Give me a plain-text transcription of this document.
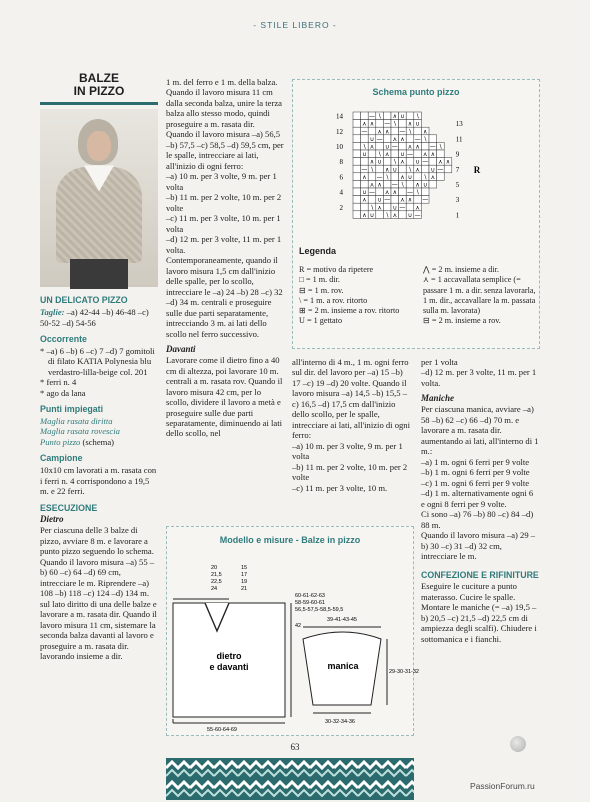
- STILE LIBERO -
BALZE
IN PIZZO
UN DELICATO PIZZO

Taglie: –a) 42-44 –b) 46-48 –c) 50-52 –d) 54-56

Occorrente

* –a) 6 –b) 6 –c) 7 –d) 7 gomitoli di filato KATIA Polynesia blu verdastro-lilla-beige col. 201

* ferri n. 4

* ago da lana

Punti impiegati

Maglia rasata diritta

Maglia rasata rovescia

Punto pizzo (schema)

Campione

10x10 cm lavorati a m. rasata con i ferri n. 4 corrispondono a 19,5 m. e 22 ferri.

ESECUZIONE
Dietro

Per ciascuna delle 3 balze di pizzo, avviare 8 m. e lavorare a punto pizzo seguendo lo schema. Quando il lavoro misura –a) 55 –b) 60 –c) 64 –d) 69 cm, intrecciare le m. Riprendere –a) 108 –b) 118 –c) 124 –d) 134 m. sul lato diritto di una delle balze e lavorare a m. rasata dir. Quando il lavoro misura 11 cm, sistemare la seconda balza davanti al lavoro e proseguire a m. rasata dir. lavorando insieme a dir.

1 m. del ferro e 1 m. della balza. Quando il lavoro misura 11 cm dalla seconda balza, unire la terza balza allo stesso modo, quindi proseguire a m. rasata dir.

Quando il lavoro misura –a) 56,5 –b) 57,5 –c) 58,5 –d) 59,5 cm, per le spalle, intrecciare ai lati, all'inizio di ogni ferro:

–a) 10 m. per 3 volte, 9 m. per 1 volta

–b) 11 m. per 2 volte, 10 m. per 2 volte

–c) 11 m. per 3 volte, 10 m. per 1 volta

–d) 12 m. per 3 volte, 11 m. per 1 volta.

Contemporaneamente, quando il lavoro misura 1,5 cm dall'inizio delle spalle, per lo scollo, intrecciare le –a) 24 –b) 28 –c) 32 –d) 34 m. centrali e proseguire sulle due parti separatamente, intrecciando 3 m. ai lati dello scollo nel ferro successivo.

Davanti

Lavorare come il dietro fino a 40 cm di altezza, poi lavorare 10 m. centrali a m. rasata rov. Quando il lavoro misura 42 cm, per lo scollo, dividere il lavoro a metà e proseguire sulle due parti separatamente, diminuendo ai lati dello scollo, nel

Schema punto pizzo
— ∖ ∧ ∪ ∖
⋏ ∧ — ∖ ∧ ∪
— ⋏ ∧ — ∖ ∧
∪ — ⋏ ∧ — ∖
∖ ⋏ ∪ — ⋏ ∧ — ∖
∪ ∖ ⋏ ∪ — ⋏ ∧
∧ ∪ ∖ ⋏ ∪ — ⋏ ∧
— ∖ ∧ ∪ ∖ ⋏ ∪ —
∧ — ∖ ∧ ∪ ∖ ⋏
⋏ ∧ — ∖ ∧ ∪
∪ — ⋏ ∧ — ∖
⋏ ∪ — ⋏ ∧ —
∖ ⋏ ∪ — ⋏
∧ ∪ ∖ ⋏ ∪ —
14
12
10
8
6
4
2
13
11
9
7
5
3
1
R
Legenda

R = motivo da ripetere

□ = 1 m. dir.

⊟ = 1 m. rov.

\ = 1 m. a rov. ritorto

⊞ = 2 m. insieme a rov. ritorto

U = 1 gettato

⋀ = 2 m. insieme a dir.

⋏ = 1 accavallata semplice (= passare 1 m. a dir. senza lavorarla, 1 m. dir., accavallare la m. passata sulla m. lavorata)

⊟ = 2 m. insieme a rov.

all'interno di 4 m., 1 m. ogni ferro sul dir. del lavoro per –a) 15 –b) 17 –c) 19 –d) 20 volte. Quando il lavoro misura –a) 14,5 –b) 15,5 –c) 16,5 –d) 17,5 cm dall'inizio dello scollo, per le spalle, intrecciare ai lati, all'inizio di ogni ferro:

–a) 10 m. per 3 volte, 9 m. per 1 volta

–b) 11 m. per 2 volte, 10 m. per 2 volte

–c) 11 m. per 3 volte, 10 m.

per 1 volta

–d) 12 m. per 3 volte, 11 m. per 1 volta.

Maniche

Per ciascuna manica, avviare –a) 58 –b) 62 –c) 66 –d) 70 m. e lavorare a m. rasata dir. aumentando ai lati, all'interno di 1 m.:

–a) 1 m. ogni 6 ferri per 9 volte

–b) 1 m. ogni 6 ferri per 9 volte

–c) 1 m. ogni 6 ferri per 9 volte

–d) 1 m. alternativamente ogni 6 e ogni 8 ferri per 9 volte.

Ci sono –a) 76 –b) 80 –c) 84 –d) 88 m.

Quando il lavoro misura –a) 29 –b) 30 –c) 31 –d) 32 cm, intrecciare le m.

CONFEZIONE E RIFINITURE

Eseguire le cuciture a punto materasso. Cucire le spalle. Montare le maniche (= –a) 19,5 –b) 20,5 –c) 21,5 –d) 22,5 cm di ampiezza degli scalfi). Chiudere i sottomanica e i fianchi.

Modello e misure - Balze in pizzo
dietro
e davanti	manica
20
21,5
22,5
24
15
17
19
21
60-61-62-63
58-59-60-61
56,5-57,5-58,5-59,5
42
55-60-64-69
39-41-43-45
29-30-31-32
30-32-34-36
63
PassionForum.ru
